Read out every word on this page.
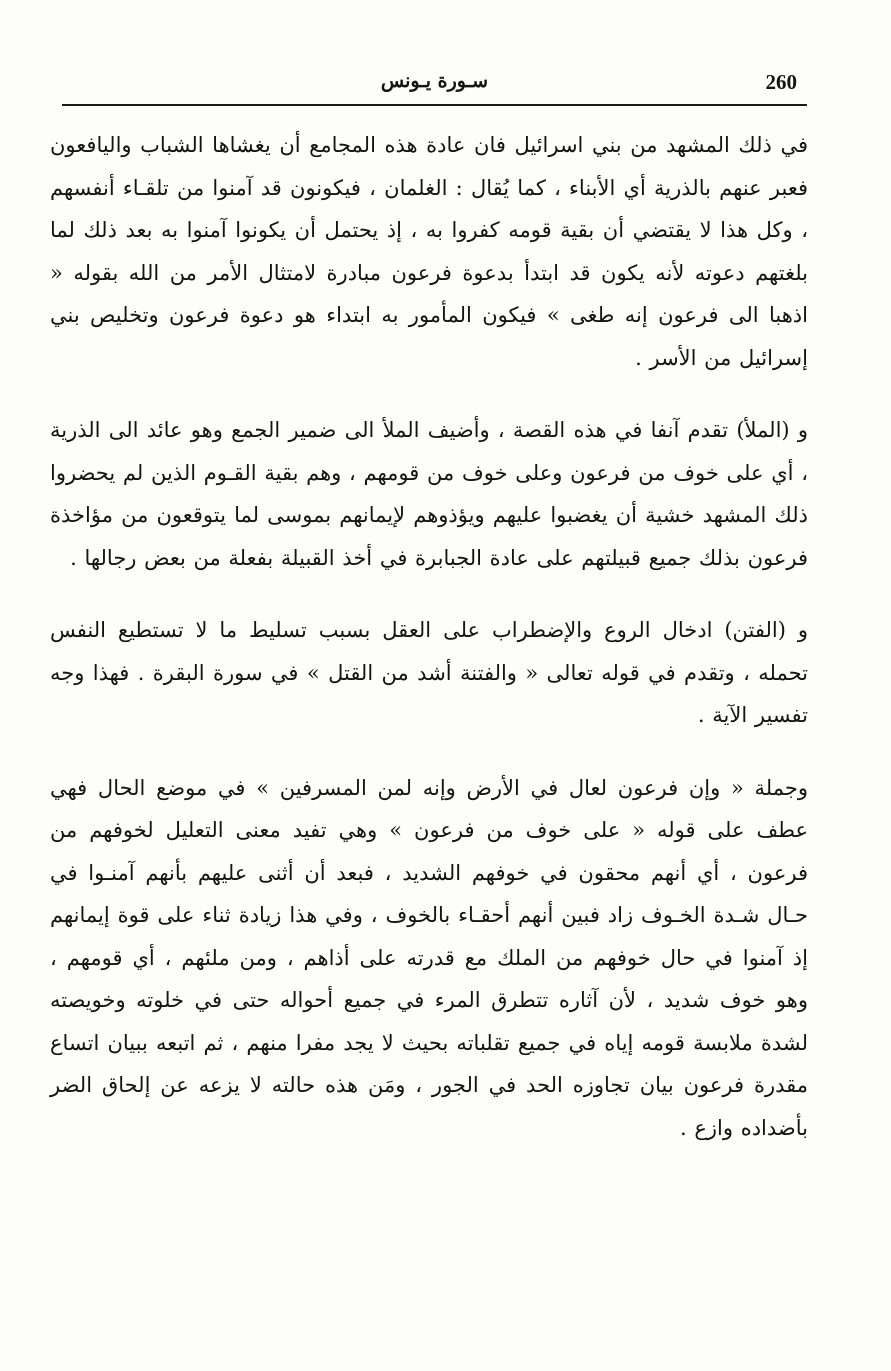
260
سـورة يـونس

في ذلك المشهد من بني اسرائيل فان عادة هذه المجامع أن يغشاها الشباب واليافعون فعبر عنهم بالذرية أي الأبناء ، كما يُقال : الغلمان ، فيكونون قد آمنوا من تلقـاء أنفسهم ، وكل هذا لا يقتضي أن بقية قومه كفروا به ، إذ يحتمل أن يكونوا آمنوا به بعد ذلك لما بلغتهم دعوته لأنه يكون قد ابتدأ بدعوة فرعون مبادرة لامتثال الأمر من الله بقوله « اذهبا الى فرعون إنه طغى » فيكون المأمور به ابتداء هو دعوة فرعون وتخليص بني إسرائيل من الأسر .

و (الملأ) تقدم آنفا في هذه القصة ، وأضيف الملأ الى ضمير الجمع وهو عائد الى الذرية ، أي على خوف من فرعون وعلى خوف من قومهم ، وهم بقية القـوم الذين لم يحضروا ذلك المشهد خشية أن يغضبوا عليهم ويؤذوهم لإيمانهم بموسى لما يتوقعون من مؤاخذة فرعون بذلك جميع قبيلتهم على عادة الجبابرة في أخذ القبيلة بفعلة من بعض رجالها .

و (الفتن) ادخال الروع والإضطراب على العقل بسبب تسليط ما لا تستطيع النفس تحمله ، وتقدم في قوله تعالى « والفتنة أشد من القتل » في سورة البقرة . فهذا وجه تفسير الآية .

وجملة « وإن فرعون لعال في الأرض وإنه لمن المسرفين » في موضع الحال فهي عطف على قوله « على خوف من فرعون » وهي تفيد معنى التعليل لخوفهم من فرعون ، أي أنهم محقون في خوفهم الشديد ، فبعد أن أثنى عليهم بأنهم آمنـوا في حـال شـدة الخـوف زاد فبين أنهم أحقـاء بالخوف ، وفي هذا زيادة ثناء على قوة إيمانهم إذ آمنوا في حال خوفهم من الملك مع قدرته على أذاهم ، ومن ملئهم ، أي قومهم ، وهو خوف شديد ، لأن آثاره تتطرق المرء في جميع أحواله حتى في خلوته وخويصته لشدة ملابسة قومه إياه في جميع تقلباته بحيث لا يجد مفرا منهم ، ثم اتبعه ببيان اتساع مقدرة فرعون بيان تجاوزه الحد في الجور ، ومَن هذه حالته لا يزعه عن إلحاق الضر بأضداده وازع .
